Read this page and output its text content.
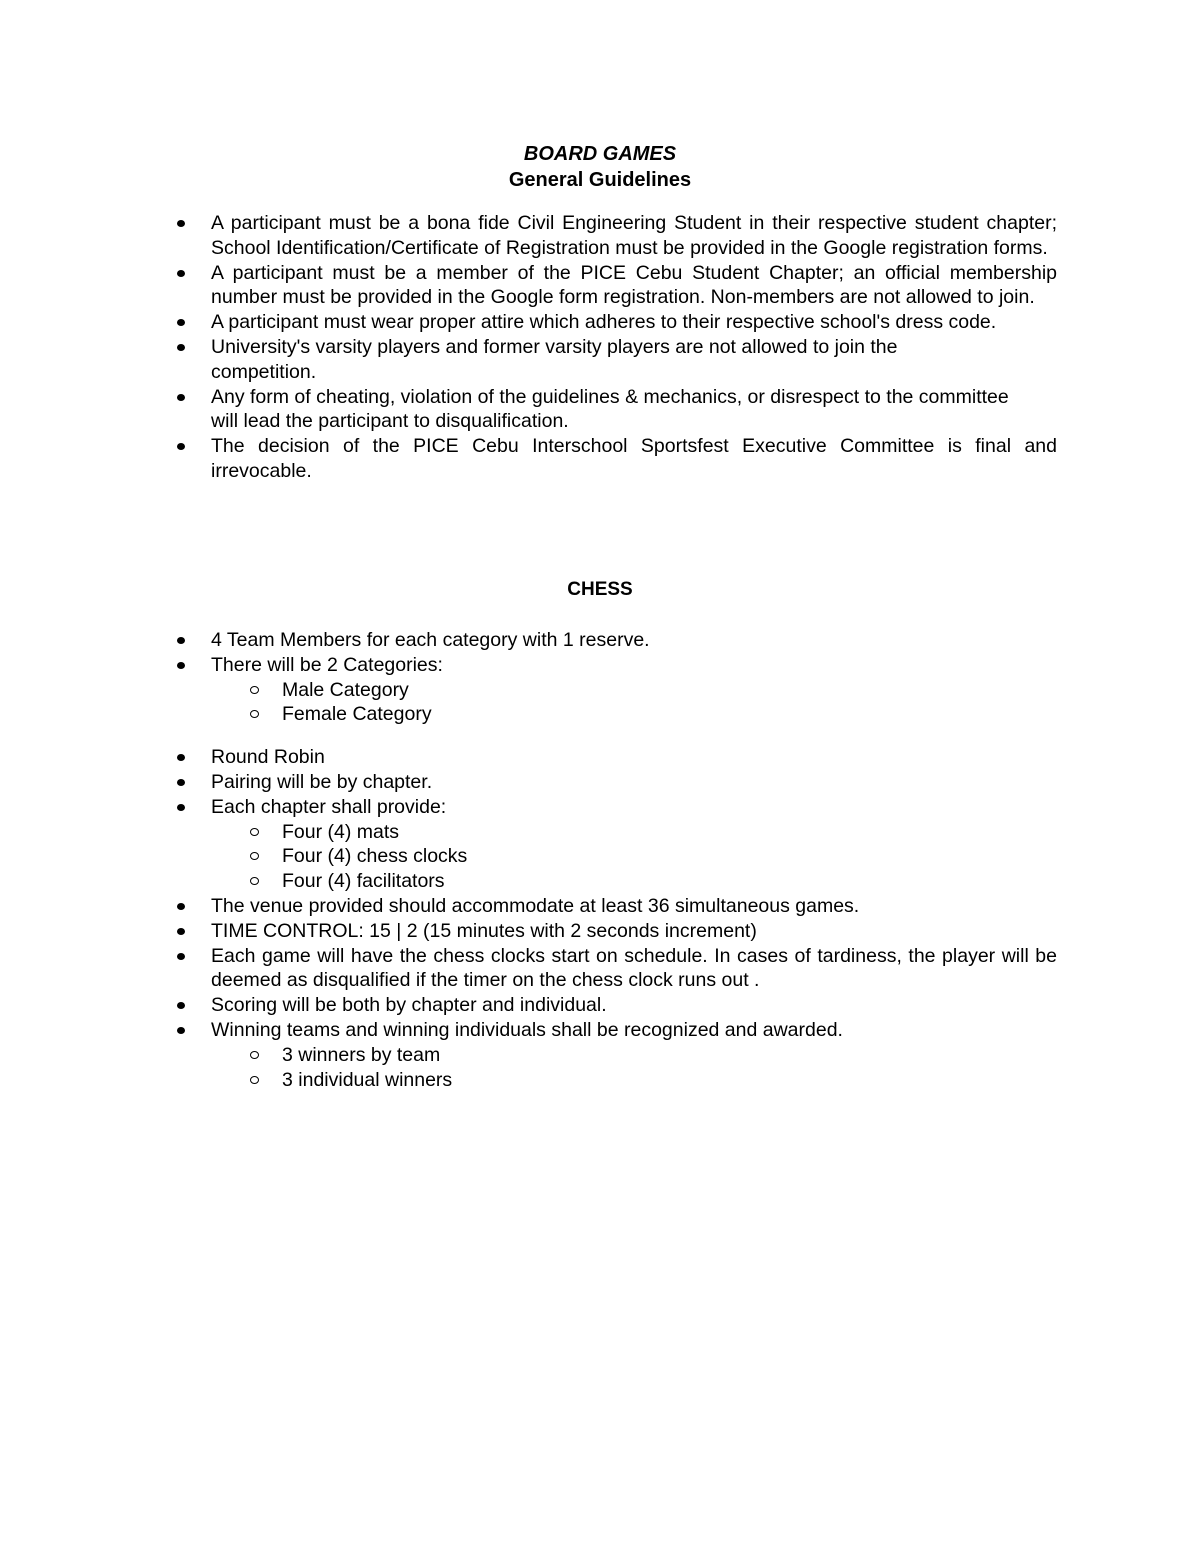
BOARD GAMES
General Guidelines
A participant must be a bona fide Civil Engineering Student in their respective student chapter; School Identification/Certificate of Registration must be provided in the Google registration forms.
A participant must be a member of the PICE Cebu Student Chapter; an official membership number must be provided in the Google form registration. Non-members are not allowed to join.
A participant must wear proper attire which adheres to their respective school's dress code.
University's varsity players and former varsity players are not allowed to join the competition.
Any form of cheating, violation of the guidelines & mechanics, or disrespect to the committee will lead the participant to disqualification.
The decision of the PICE Cebu Interschool Sportsfest Executive Committee is final and irrevocable.
CHESS
4 Team Members for each category with 1 reserve.
There will be 2 Categories:
Male Category
Female Category
Round Robin
Pairing will be by chapter.
Each chapter shall provide:
Four (4) mats
Four (4) chess clocks
Four (4) facilitators
The venue provided should accommodate at least 36 simultaneous games.
TIME CONTROL: 15 | 2 (15 minutes with 2 seconds increment)
Each game will have the chess clocks start on schedule. In cases of tardiness, the player will be deemed as disqualified if the timer on the chess clock runs out .
Scoring will be both by chapter and individual.
Winning teams and winning individuals shall be recognized and awarded.
3 winners by team
3 individual winners
